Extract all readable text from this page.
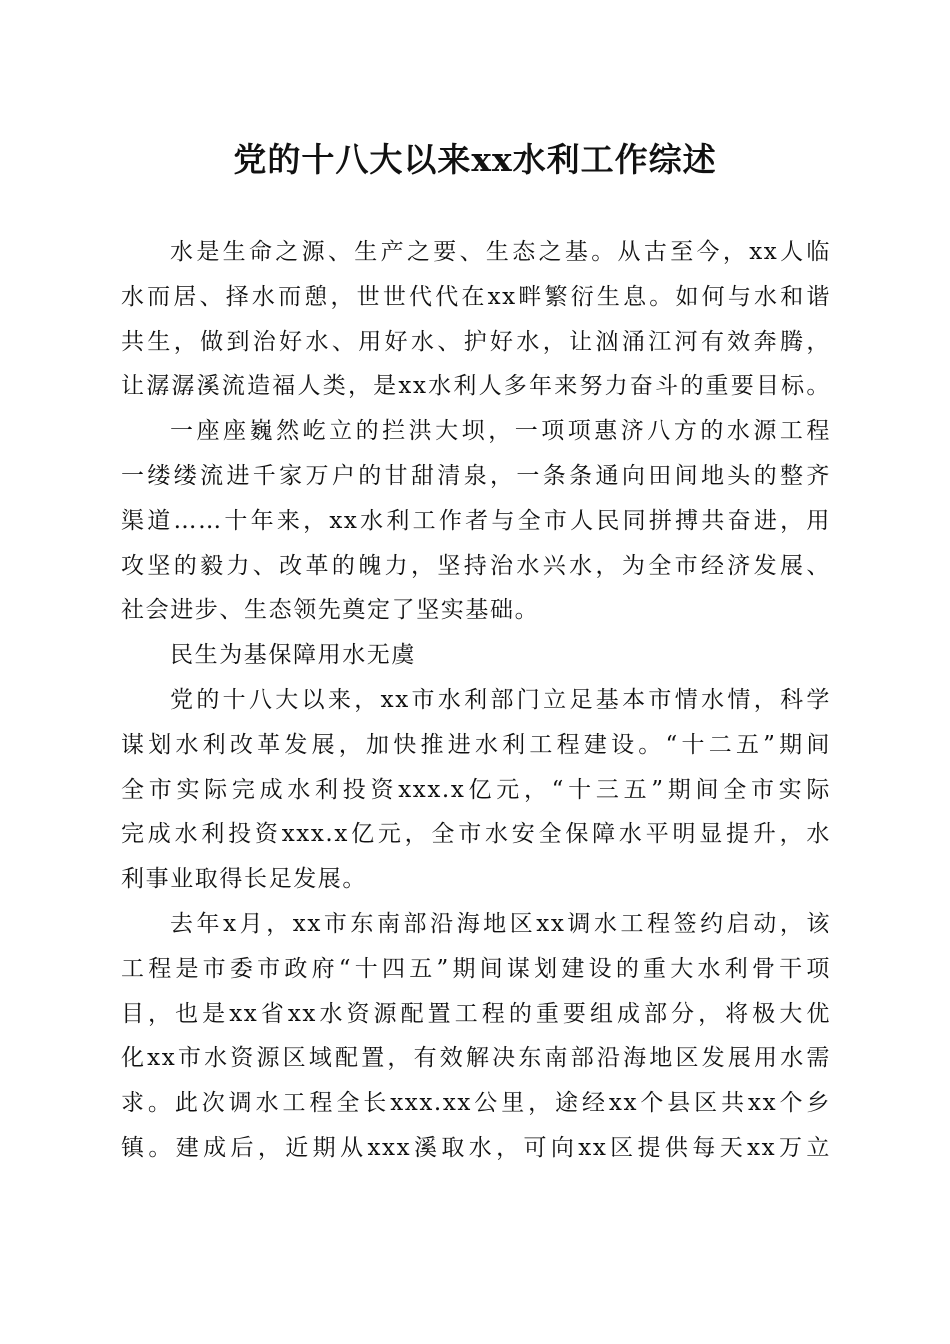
党的十八大以来xx水利工作综述
水是生命之源、生产之要、生态之基。从古至今，xx人临
水而居、择水而憩，世世代代在xx畔繁衍生息。如何与水和谐
共生，做到治好水、用好水、护好水，让汹涌江河有效奔腾，
让潺潺溪流造福人类，是xx水利人多年来努力奋斗的重要目标。
一座座巍然屹立的拦洪大坝，一项项惠济八方的水源工程
一缕缕流进千家万户的甘甜清泉，一条条通向田间地头的整齐
渠道……十年来，xx水利工作者与全市人民同拼搏共奋进，用
攻坚的毅力、改革的魄力，坚持治水兴水，为全市经济发展、
社会进步、生态领先奠定了坚实基础。
民生为基保障用水无虞
党的十八大以来，xx市水利部门立足基本市情水情，科学
谋划水利改革发展，加快推进水利工程建设。“十二五”期间
全市实际完成水利投资xxx.x亿元，“十三五”期间全市实际
完成水利投资xxx.x亿元，全市水安全保障水平明显提升，水
利事业取得长足发展。
去年x月，xx市东南部沿海地区xx调水工程签约启动，该
工程是市委市政府“十四五”期间谋划建设的重大水利骨干项
目，也是xx省xx水资源配置工程的重要组成部分，将极大优
化xx市水资源区域配置，有效解决东南部沿海地区发展用水需
求。此次调水工程全长xxx.xx公里，途经xx个县区共xx个乡
镇。建成后，近期从xxx溪取水，可向xx区提供每天xx万立
